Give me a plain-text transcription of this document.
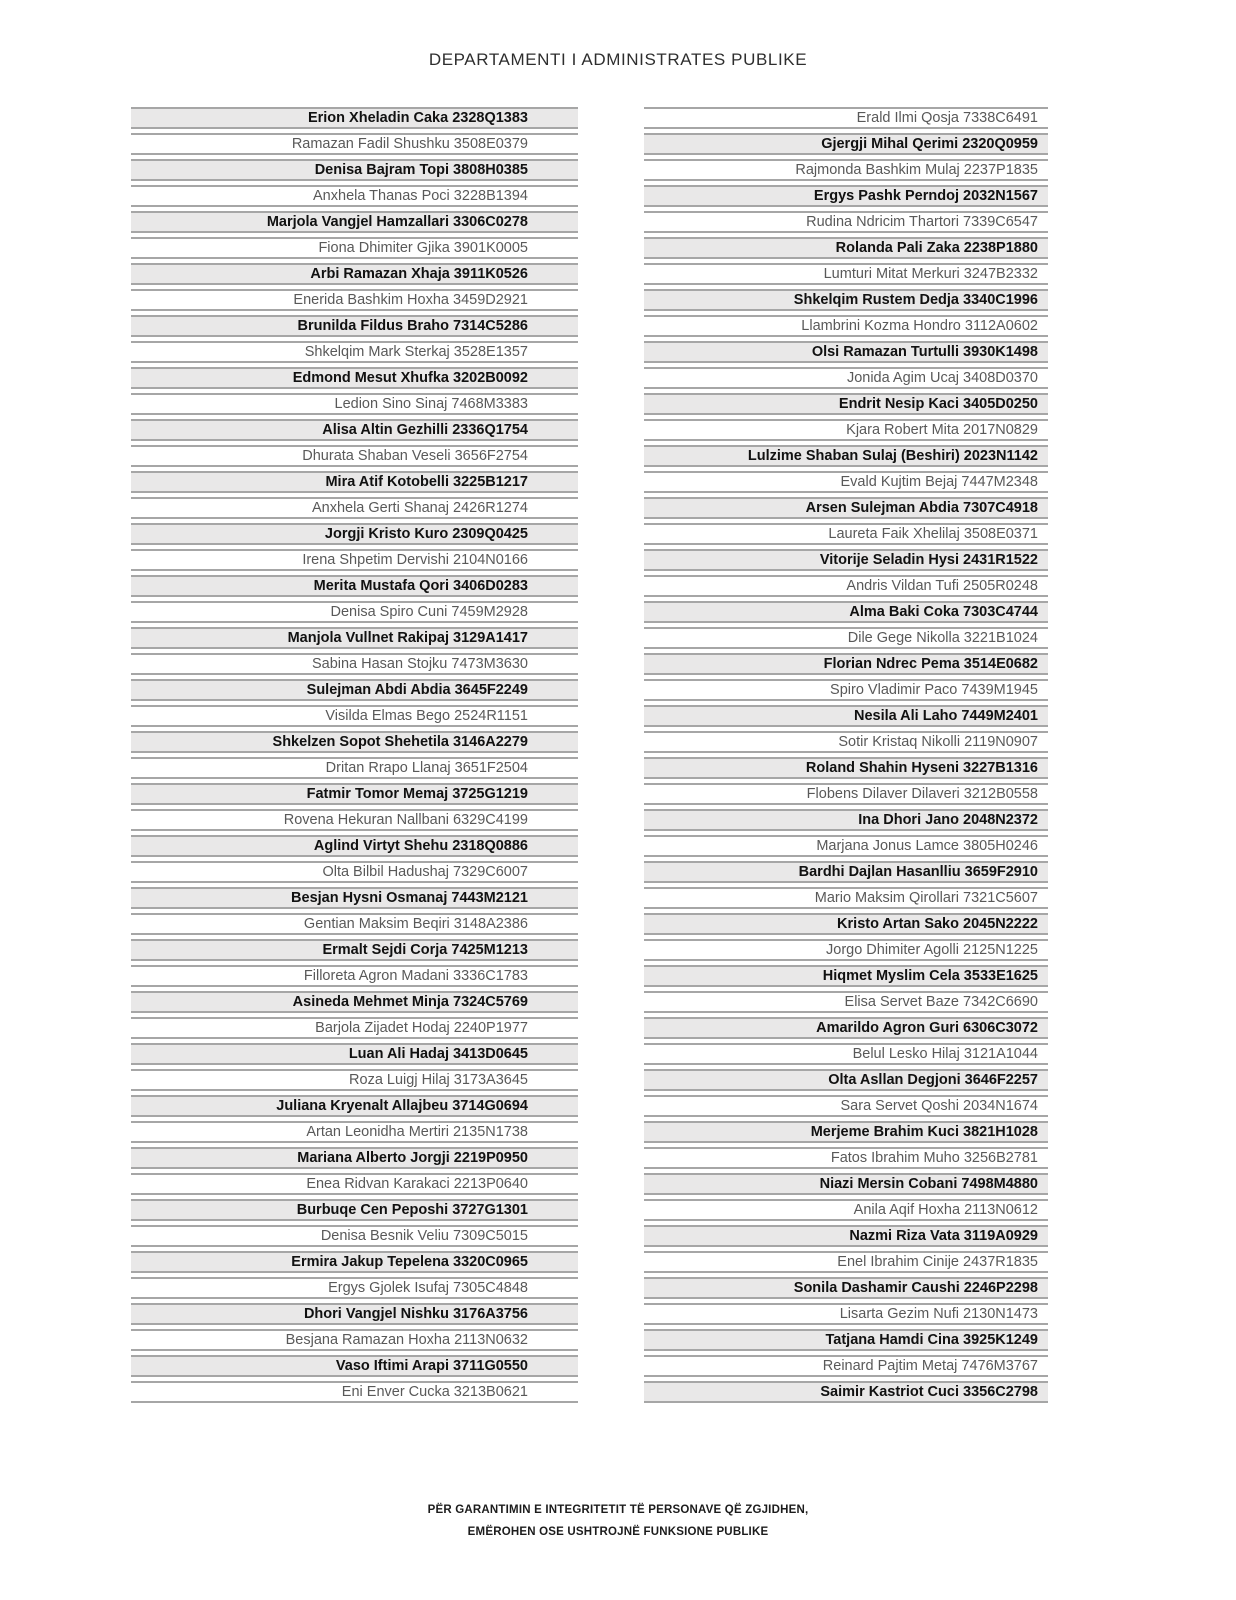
DEPARTAMENTI I ADMINISTRATES PUBLIKE
Erion Xheladin Caka 2328Q1383
Ramazan Fadil Shushku 3508E0379
Denisa Bajram Topi 3808H0385
Anxhela Thanas Poci 3228B1394
Marjola Vangjel Hamzallari 3306C0278
Fiona Dhimiter Gjika 3901K0005
Arbi Ramazan Xhaja 3911K0526
Enerida Bashkim Hoxha 3459D2921
Brunilda Fildus Braho 7314C5286
Shkelqim Mark Sterkaj 3528E1357
Edmond Mesut Xhufka 3202B0092
Ledion Sino Sinaj 7468M3383
Alisa Altin Gezhilli 2336Q1754
Dhurata Shaban Veseli 3656F2754
Mira Atif Kotobelli 3225B1217
Anxhela Gerti Shanaj 2426R1274
Jorgji Kristo Kuro 2309Q0425
Irena Shpetim Dervishi 2104N0166
Merita Mustafa Qori 3406D0283
Denisa Spiro Cuni 7459M2928
Manjola Vullnet Rakipaj 3129A1417
Sabina Hasan Stojku 7473M3630
Sulejman Abdi Abdia 3645F2249
Visilda Elmas Bego 2524R1151
Shkelzen Sopot Shehetila 3146A2279
Dritan Rrapo Llanaj 3651F2504
Fatmir Tomor Memaj 3725G1219
Rovena Hekuran Nallbani 6329C4199
Aglind Virtyt Shehu 2318Q0886
Olta Bilbil Hadushaj 7329C6007
Besjan Hysni Osmanaj 7443M2121
Gentian Maksim Beqiri 3148A2386
Ermalt Sejdi Corja 7425M1213
Filloreta Agron Madani 3336C1783
Asineda Mehmet Minja 7324C5769
Barjola Zijadet Hodaj 2240P1977
Luan Ali Hadaj 3413D0645
Roza Luigj Hilaj 3173A3645
Juliana Kryenalt Allajbeu 3714G0694
Artan Leonidha Mertiri 2135N1738
Mariana Alberto Jorgji 2219P0950
Enea Ridvan Karakaci 2213P0640
Burbuqe Cen Peposhi 3727G1301
Denisa Besnik Veliu 7309C5015
Ermira Jakup Tepelena 3320C0965
Ergys Gjolek Isufaj 7305C4848
Dhori Vangjel Nishku 3176A3756
Besjana Ramazan Hoxha 2113N0632
Vaso Iftimi Arapi 3711G0550
Eni Enver Cucka 3213B0621
Erald Ilmi Qosja 7338C6491
Gjergji Mihal Qerimi 2320Q0959
Rajmonda Bashkim Mulaj 2237P1835
Ergys Pashk Perndoj 2032N1567
Rudina Ndricim Thartori 7339C6547
Rolanda Pali Zaka 2238P1880
Lumturi Mitat Merkuri 3247B2332
Shkelqim Rustem Dedja 3340C1996
Llambrini Kozma Hondro 3112A0602
Olsi Ramazan Turtulli 3930K1498
Jonida Agim Ucaj 3408D0370
Endrit Nesip Kaci 3405D0250
Kjara Robert Mita 2017N0829
Lulzime Shaban Sulaj (Beshiri) 2023N1142
Evald Kujtim Bejaj 7447M2348
Arsen Sulejman Abdia 7307C4918
Laureta Faik Xhelilaj 3508E0371
Vitorije Seladin Hysi 2431R1522
Andris Vildan Tufi 2505R0248
Alma Baki Coka 7303C4744
Dile Gege Nikolla 3221B1024
Florian Ndrec Pema 3514E0682
Spiro Vladimir Paco 7439M1945
Nesila Ali Laho 7449M2401
Sotir Kristaq Nikolli 2119N0907
Roland Shahin Hyseni 3227B1316
Flobens Dilaver Dilaveri 3212B0558
Ina Dhori Jano 2048N2372
Marjana Jonus Lamce 3805H0246
Bardhi Dajlan Hasanlliu 3659F2910
Mario Maksim Qirollari 7321C5607
Kristo Artan Sako 2045N2222
Jorgo Dhimiter Agolli 2125N1225
Hiqmet Myslim Cela 3533E1625
Elisa Servet Baze 7342C6690
Amarildo Agron Guri 6306C3072
Belul Lesko Hilaj 3121A1044
Olta Asllan Degjoni 3646F2257
Sara Servet Qoshi 2034N1674
Merjeme Brahim Kuci 3821H1028
Fatos Ibrahim Muho 3256B2781
Niazi Mersin Cobani 7498M4880
Anila Aqif Hoxha 2113N0612
Nazmi Riza Vata 3119A0929
Enel Ibrahim Cinije 2437R1835
Sonila Dashamir Caushi 2246P2298
Lisarta Gezim Nufi 2130N1473
Tatjana Hamdi Cina 3925K1249
Reinard Pajtim Metaj 7476M3767
Saimir Kastriot Cuci 3356C2798
PËR GARANTIMIN E INTEGRITETIT TË PERSONAVE QË ZGJIDHEN,
EMËROHEN OSE USHTROJNË FUNKSIONE PUBLIKE
